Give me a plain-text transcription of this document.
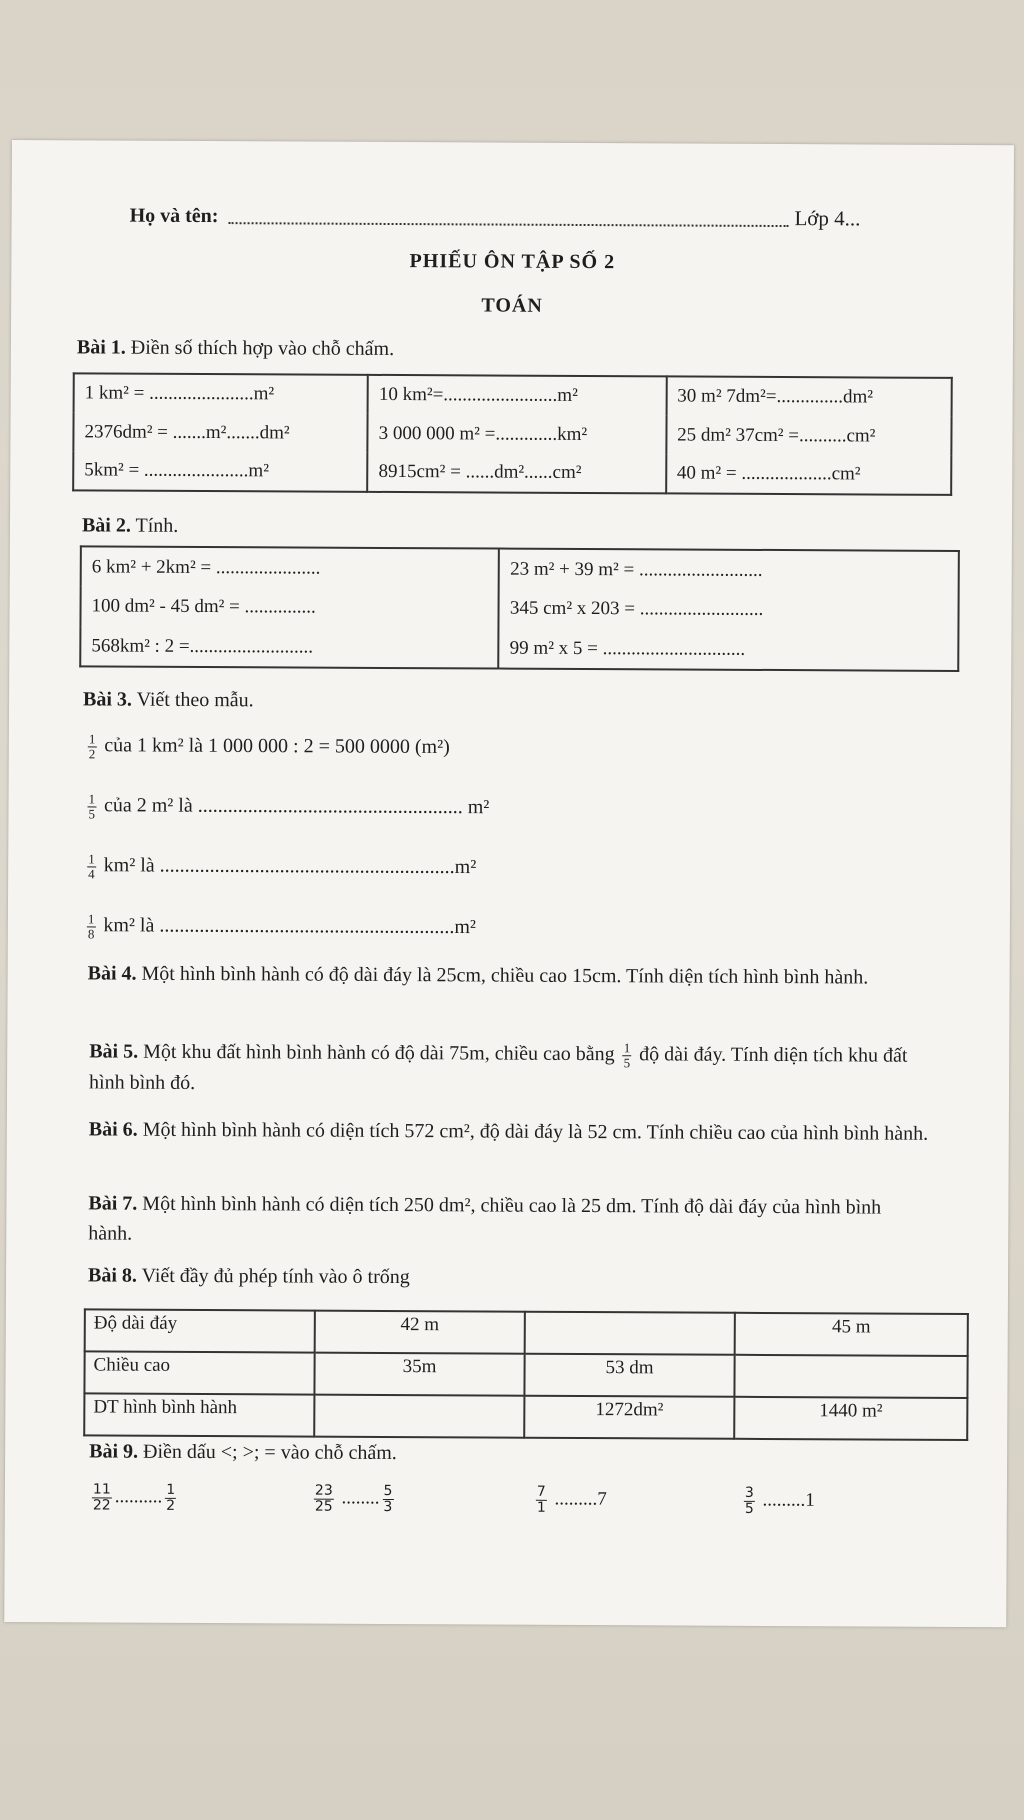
Họ và tên:	Lớp 4...
PHIẾU ÔN TẬP SỐ 2
TOÁN
Bài 1. Điền số thích hợp vào chỗ chấm.
1 km² = ......................m²	10 km²=........................m²	30 m² 7dm²=..............dm²
2376dm² = .......m².......dm²	3 000 000 m² =.............km²	25 dm² 37cm² =..........cm²
5km² = ......................m²	8915cm² = ......dm²......cm²	40 m² = ...................cm²
Bài 2. Tính.
6 km² + 2km² = ......................	23 m² + 39 m² = ..........................
100 dm² - 45 dm² = ...............	345 cm² x 203 = ..........................
568km² : 2 =..........................	99 m² x 5 = ..............................
Bài 3. Viết theo mẫu.
$\frac{1}{2}$ của 1 km² là 1 000 000 : 2 = 500 0000 (m²)
$\frac{1}{5}$ của 2 m² là ..................................................... m²
$\frac{1}{4} km^2$ là ...........................................................m²
$\frac{1}{8} km^2$ là ...........................................................m²
Bài 4. Một hình bình hành có độ dài đáy là 25cm, chiều cao 15cm. Tính diện tích hình bình hành.
Bài 5. Một khu đất hình bình hành có độ dài 75m, chiều cao bằng $\frac{1}{5}$ độ dài đáy. Tính diện tích khu đất hình bình đó.
Bài 6. Một hình bình hành có diện tích 572 cm², độ dài đáy là 52 cm. Tính chiều cao của hình bình hành.
Bài 7. Một hình bình hành có diện tích 250 dm², chiều cao là 25 dm. Tính độ dài đáy của hình bình hành.
Bài 8. Viết đầy đủ phép tính vào ô trống
Độ dài đáy	42 m		45 m
Chiều cao	35m	53 dm	
DT hình bình hành		1272dm²	1440 m²
Bài 9. Điền dấu <; >; = vào chỗ chấm.
$\frac{11}{22}$ .......... $\frac{1}{2}$	$\frac{23}{25}$ ........ $\frac{5}{3}$	$\frac{7}{1} .........7$	$\frac{3}{5} .........1$
